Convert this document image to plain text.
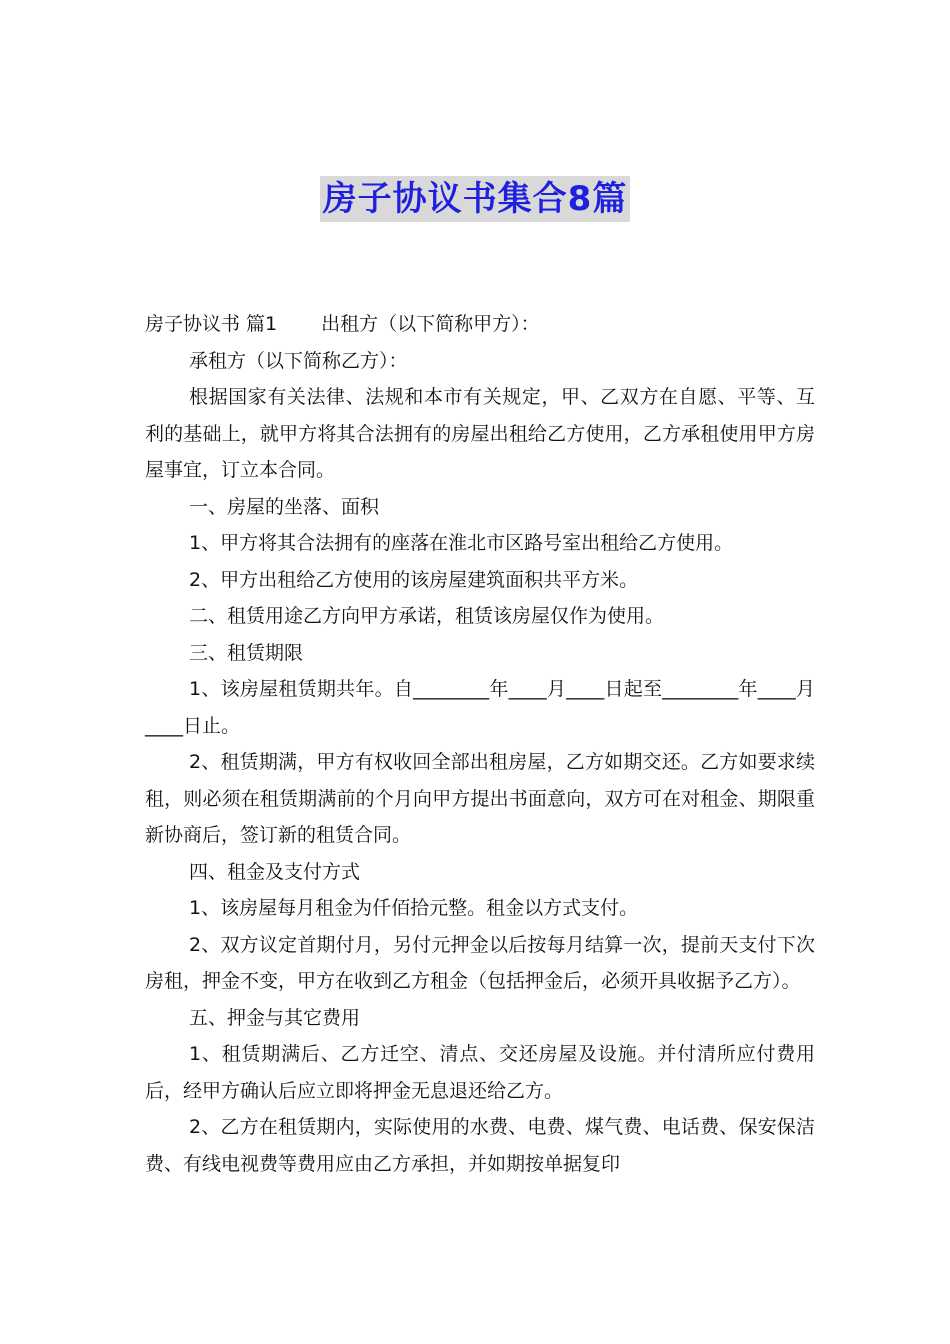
房子协议书集合8篇
房子协议书 篇1 出租方（以下简称甲方）：

承租方（以下简称乙方）：

根据国家有关法律、法规和本市有关规定，甲、乙双方在自愿、平等、互利的基础上，就甲方将其合法拥有的房屋出租给乙方使用，乙方承租使用甲方房屋事宜，订立本合同。

一、房屋的坐落、面积

1、甲方将其合法拥有的座落在淮北市区路号室出租给乙方使用。

2、甲方出租给乙方使用的该房屋建筑面积共平方米。

二、租赁用途乙方向甲方承诺，租赁该房屋仅作为使用。

三、租赁期限

1、该房屋租赁期共年。自________年____月____日起至________年____月____日止。

2、租赁期满，甲方有权收回全部出租房屋，乙方如期交还。乙方如要求续租，则必须在租赁期满前的个月向甲方提出书面意向，双方可在对租金、期限重新协商后，签订新的租赁合同。

四、租金及支付方式

1、该房屋每月租金为仟佰拾元整。租金以方式支付。

2、双方议定首期付月，另付元押金以后按每月结算一次，提前天支付下次房租，押金不变，甲方在收到乙方租金（包括押金后，必须开具收据予乙方）。

五、押金与其它费用

1、租赁期满后、乙方迁空、清点、交还房屋及设施。并付清所应付费用后，经甲方确认后应立即将押金无息退还给乙方。

2、乙方在租赁期内，实际使用的水费、电费、煤气费、电话费、保安保洁费、有线电视费等费用应由乙方承担，并如期按单据复印
